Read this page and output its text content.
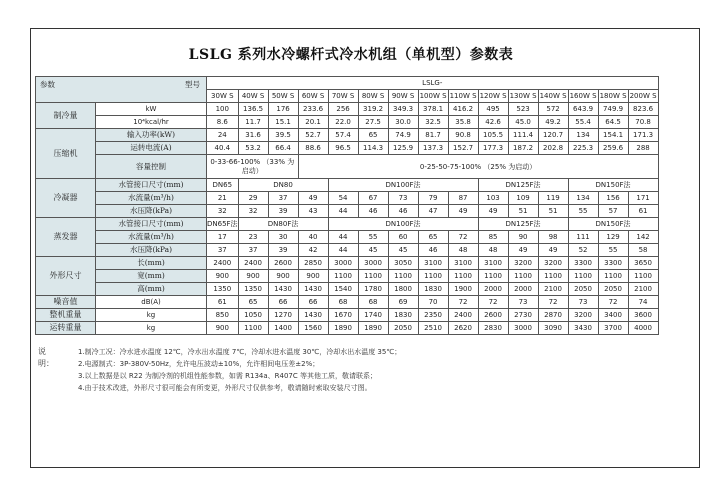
LSLG 系列水冷螺杆式冷水机组（单机型）参数表
参数 型号		LSLG-														
		30W S	40W S	50W S	60W S	70W S	80W S	90W S	100W S	110W S	120W S	130W S	140W S	160W S	180W S	200W S
制冷量	kW	100	136.5	176	233.6	256	319.2	349.3	378.1	416.2	495	523	572	643.9	749.9	823.6
	10⁴kcal/hr	8.6	11.7	15.1	20.1	22.0	27.5	30.0	32.5	35.8	42.6	45.0	49.2	55.4	64.5	70.8
压缩机	输入功率(kW)	24	31.6	39.5	52.7	57.4	65	74.9	81.7	90.8	105.5	111.4	120.7	134	154.1	171.3
	运转电流(A)	40.4	53.2	66.4	88.6	96.5	114.3	125.9	137.3	152.7	177.3	187.2	202.8	225.3	259.6	288
	容量控制	0-33-66-100% （33% 为启动）			0-25-50-75-100% （25% 为启动）											
冷凝器	水管接口尺寸(mm)	DN65	DN80			DN100F法					DN125F法			DN150F法		
	水流量(m³/h)	21	29	37	49	54	67	73	79	87	103	109	119	134	156	171
	水压降(kPa)	32	32	39	43	44	46	46	47	49	49	51	51	55	57	61
蒸发器	水管接口尺寸(mm)	DN65F法	DN80F法			DN100F法					DN125F法			DN150F法		
	水流量(m³/h)	17	23	30	40	44	55	60	65	72	85	90	98	111	129	142
	水压降(kPa)	37	37	39	42	44	45	45	46	48	48	49	49	52	55	58
外形尺寸	长(mm)	2400	2400	2600	2850	3000	3000	3050	3100	3100	3100	3200	3200	3300	3300	3650
	宽(mm)	900	900	900	900	1100	1100	1100	1100	1100	1100	1100	1100	1100	1100	1100
	高(mm)	1350	1350	1430	1430	1540	1780	1800	1830	1900	2000	2000	2100	2050	2050	2100
噪音值	dB(A)	61	65	66	66	68	68	69	70	72	72	73	72	73	72	74
整机重量	kg	850	1050	1270	1430	1670	1740	1830	2350	2400	2600	2730	2870	3200	3400	3600
运转重量	kg	900	1100	1400	1560	1890	1890	2050	2510	2620	2830	3000	3090	3430	3700	4000
说明：
1.制冷工况：冷水进水温度 12℃，冷水出水温度 7℃，冷却水进水温度 30℃，冷却水出水温度 35℃；
2.电源制式：3P-380V-50Hz，允许电压波动±10%，允许相间电压差±2%；
3.以上数据是以 R22 为制冷剂的机组性能参数，如需 R134a、R407C 等其他工质，敬请联系；
4.由于技术改进，外形尺寸很可能会有所变更，外形尺寸仅供参考，敬请随时索取安装尺寸图。
